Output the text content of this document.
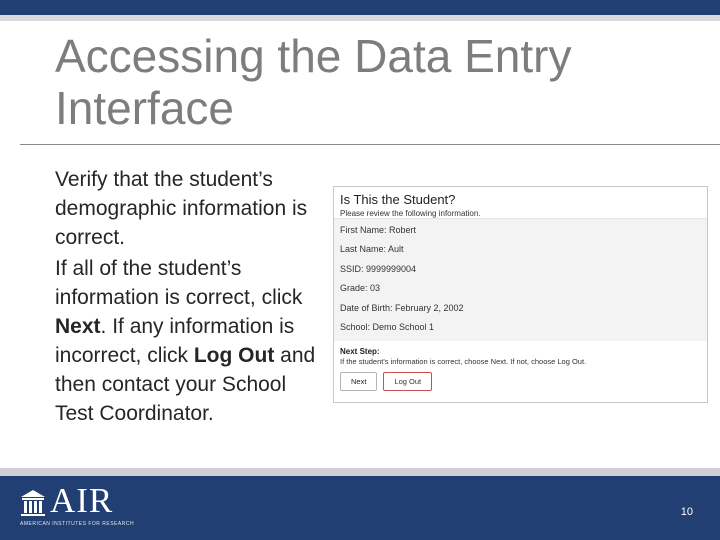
Accessing the Data Entry Interface

Verify that the student’s demographic information is correct.

If all of the student’s information is correct, click Next. If any information is incorrect, click Log Out and then contact your School Test Coordinator.

Is This the Student?
Please review the following information.
First Name: Robert
Last Name: Ault
SSID: 9999999004
Grade: 03
Date of Birth: February 2, 2002
School: Demo School 1
Next Step:
If the student's information is correct, choose Next. If not, choose Log Out.
Next	Log Out
AIR
AMERICAN INSTITUTES FOR RESEARCH
10
